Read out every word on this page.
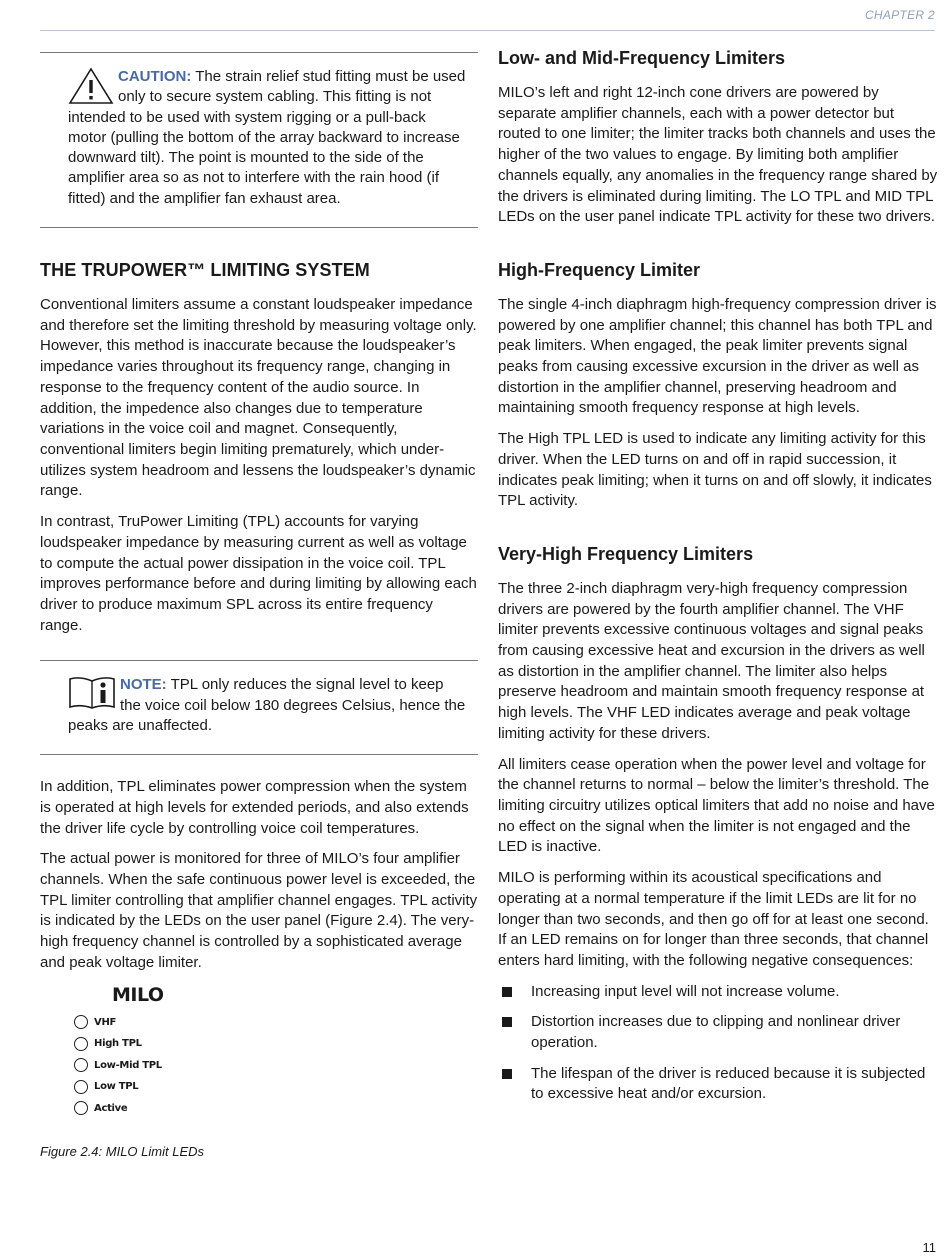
CHAPTER 2
CAUTION: The strain relief stud fitting must be used only to secure system cabling. This fitting is not intended to be used with system rigging or a pull-back motor (pulling the bottom of the array backward to increase downward tilt). The point is mounted to the side of the amplifier area so as not to interfere with the rain hood (if fitted) and the amplifier fan exhaust area.
THE TRUPOWER™ LIMITING SYSTEM

Conventional limiters assume a constant loudspeaker impedance and therefore set the limiting threshold by measuring voltage only. However, this method is inaccurate because the loudspeaker’s impedance varies throughout its frequency range, changing in response to the frequency content of the audio source. In addition, the impedence also changes due to temperature variations in the voice coil and magnet. Consequently, conventional limiters begin limiting prematurely, which under-utilizes system headroom and lessens the loudspeaker’s dynamic range.

In contrast, TruPower Limiting (TPL) accounts for varying loudspeaker impedance by measuring current as well as voltage to compute the actual power dissipation in the voice coil. TPL improves performance before and during limiting by allowing each driver to produce maximum SPL across its entire frequency range.

NOTE: TPL only reduces the signal level to keep the voice coil below 180 degrees Celsius, hence the peaks are unaffected.

In addition, TPL eliminates power compression when the system is operated at high levels for extended periods, and also extends the driver life cycle by controlling voice coil temperatures.

The actual power is monitored for three of MILO’s four amplifier channels. When the safe continuous power level is exceeded, the TPL limiter controlling that amplifier channel engages. TPL activity is indicated by the LEDs on the user panel (Figure 2.4). The very-high frequency channel is controlled by a sophisticated average and peak voltage limiter.

MILO
VHF
High TPL
Low-Mid TPL
Low TPL
Active
Figure 2.4: MILO Limit LEDs
Low- and Mid-Frequency Limiters

MILO’s left and right 12-inch cone drivers are powered by separate amplifier channels, each with a power detector but routed to one limiter; the limiter tracks both channels and uses the higher of the two values to engage. By limiting both amplifier channels equally, any anomalies in the frequency range shared by the drivers is eliminated during limiting. The LO TPL and MID TPL LEDs on the user panel indicate TPL activity for these two drivers.

High-Frequency Limiter

The single 4-inch diaphragm high-frequency compression driver is powered by one amplifier channel; this channel has both TPL and peak limiters. When engaged, the peak limiter prevents signal peaks from causing excessive excursion in the driver as well as distortion in the amplifier channel, preserving headroom and maintaining smooth frequency response at high levels.

The High TPL LED is used to indicate any limiting activity for this driver. When the LED turns on and off in rapid succession, it indicates peak limiting; when it turns on and off slowly, it indicates TPL activity.

Very-High Frequency Limiters

The three 2-inch diaphragm very-high frequency compression drivers are powered by the fourth amplifier channel. The VHF limiter prevents excessive continuous voltages and signal peaks from causing excessive heat and excursion in the drivers as well as distortion in the amplifier channel. The limiter also helps preserve headroom and maintain smooth frequency response at high levels. The VHF LED indicates average and peak voltage limiting activity for these drivers.

All limiters cease operation when the power level and voltage for the channel returns to normal – below the limiter’s threshold. The limiting circuitry utilizes optical limiters that add no noise and have no effect on the signal when the limiter is not engaged and the LED is inactive.

MILO is performing within its acoustical specifications and operating at a normal temperature if the limit LEDs are lit for no longer than two seconds, and then go off for at least one second. If an LED remains on for longer than three seconds, that channel enters hard limiting, with the following negative consequences:

Increasing input level will not increase volume.
Distortion increases due to clipping and nonlinear driver operation.
The lifespan of the driver is reduced because it is subjected to excessive heat and/or excursion.
11
